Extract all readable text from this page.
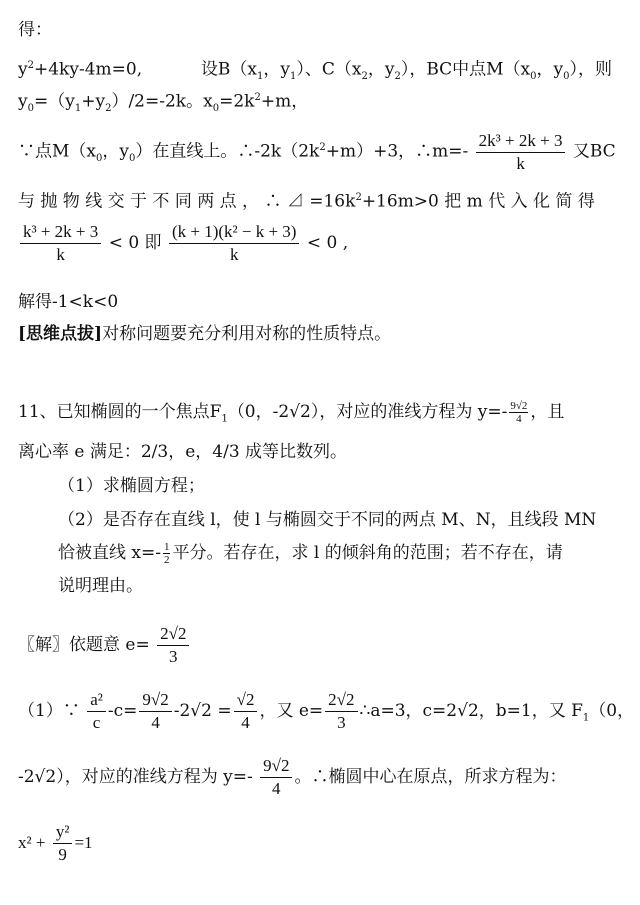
得：
$y^2+4ky-4m=0$,	设$B(x_1$，$y_1$）、$C(x_2$，$y_2$），BC中点$M(x_0$，$y_0$），则
$y_0=(y_1+y_2)/2=-2k$。$x_0=2k^2+m$，
∵点$M(x_0$，$y_0$）在直线上。$\therefore-2k(2k^2+m)+3$，∴m=- $\frac{\text{2k³ + 2k + 3}}{k}$ 又BC
与 抛 物 线 交 于 不 同 两 点 ， ∴ ⊿ $=16k^2+16m>0$ 把 m 代 入 化 简 得
$\frac{\text{k³ + 2k + 3}}{k} < 0$ 即 $\frac{\text{(k + 1)(k² − k + 3)}}{k} < 0$ ,
解得-1<k<0
[思维点拔]对称问题要充分利用对称的性质特点。
11、已知椭圆的一个焦点$F_1(0$，-2√2），对应的准线方程为 $y=- \frac{9√2}{4}$ ，且
离心率 e 满足：2/3，e，4/3 成等比数列。
（1）求椭圆方程；
（2）是否存在直线 l，使 l 与椭圆交于不同的两点 M、N，且线段 MN
恰被直线 $x=- \frac{1}{2}$ 平分。若存在，求 l 的倾斜角的范围；若不存在，请
说明理由。
〖解〗依题意 $e= \frac{2√2}{3}$
（1）∵ $\frac{\text{a²}}{c} -c= \frac{9√2}{4} -2√2 = \frac{√2}{4}$ ，又 $e= \frac{2√2}{3}$ ∴a=3，c=2√2，b=1，又 $F_1(0$，
-2√2），对应的准线方程为 $y=- \frac{9√2}{4}$ 。∴椭圆中心在原点，所求方程为：
$x^2 + \frac{\text{y²}}{9} =1$
